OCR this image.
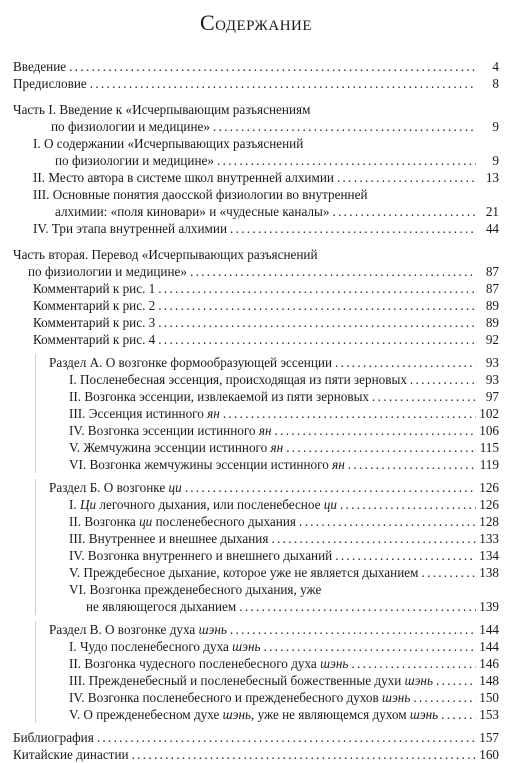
Содержание
Введение . . .	4
Предисловие . . .	8
Часть I. Введение к «Исчерпывающим разъяснениям
по физиологии и медицине» . . .	9
I. О содержании «Исчерпывающих разъяснений
по физиологии и медицине» . . .	9
II. Место автора в системе школ внутренней алхимии . . .	13
III. Основные понятия даосской физиологии во внутренней
алхимии: «поля киновари» и «чудесные каналы» . . .	21
IV. Три этапа внутренней алхимии . . .	44
Часть вторая. Перевод «Исчерпывающих разъяснений
по физиологии и медицине» . . .	87
Комментарий к рис. 1 . . .	87
Комментарий к рис. 2 . . .	89
Комментарий к рис. 3 . . .	89
Комментарий к рис. 4 . . .	92
Раздел А. О возгонке формообразующей эссенции . . .	93
I. Посленебесная эссенция, происходящая из пяти зерновых . . .	93
II. Возгонка эссенции, извлекаемой из пяти зерновых . . .	97
III. Эссенция истинного ян . . .	102
IV. Возгонка эссенции истинного ян . . .	106
V. Жемчужина эссенции истинного ян . . .	115
VI. Возгонка жемчужины эссенции истинного ян . . .	119
Раздел Б. О возгонке ци . . .	126
I. Ци легочного дыхания, или посленебесное ци . . .	126
II. Возгонка ци посленебесного дыхания . . .	128
III. Внутреннее и внешнее дыхания . . .	133
IV. Возгонка внутреннего и внешнего дыханий . . .	134
V. Преждебесное дыхание, которое уже не является дыханием . . .	138
VI. Возгонка прежденебесного дыхания, уже
не являющегося дыханием . . .	139
Раздел В. О возгонке духа шэнь . . .	144
I. Чудо посленебесного духа шэнь . . .	144
II. Возгонка чудесного посленебесного духа шэнь . . .	146
III. Прежденебесный и посленебесный божественные духи шэнь . . .	148
IV. Возгонка посленебесного и прежденебесного духов шэнь . . .	150
V. О прежденебесном духе шэнь, уже не являющемся духом шэнь . . .	153
Библиография . . .	157
Китайские династии . . .	160
